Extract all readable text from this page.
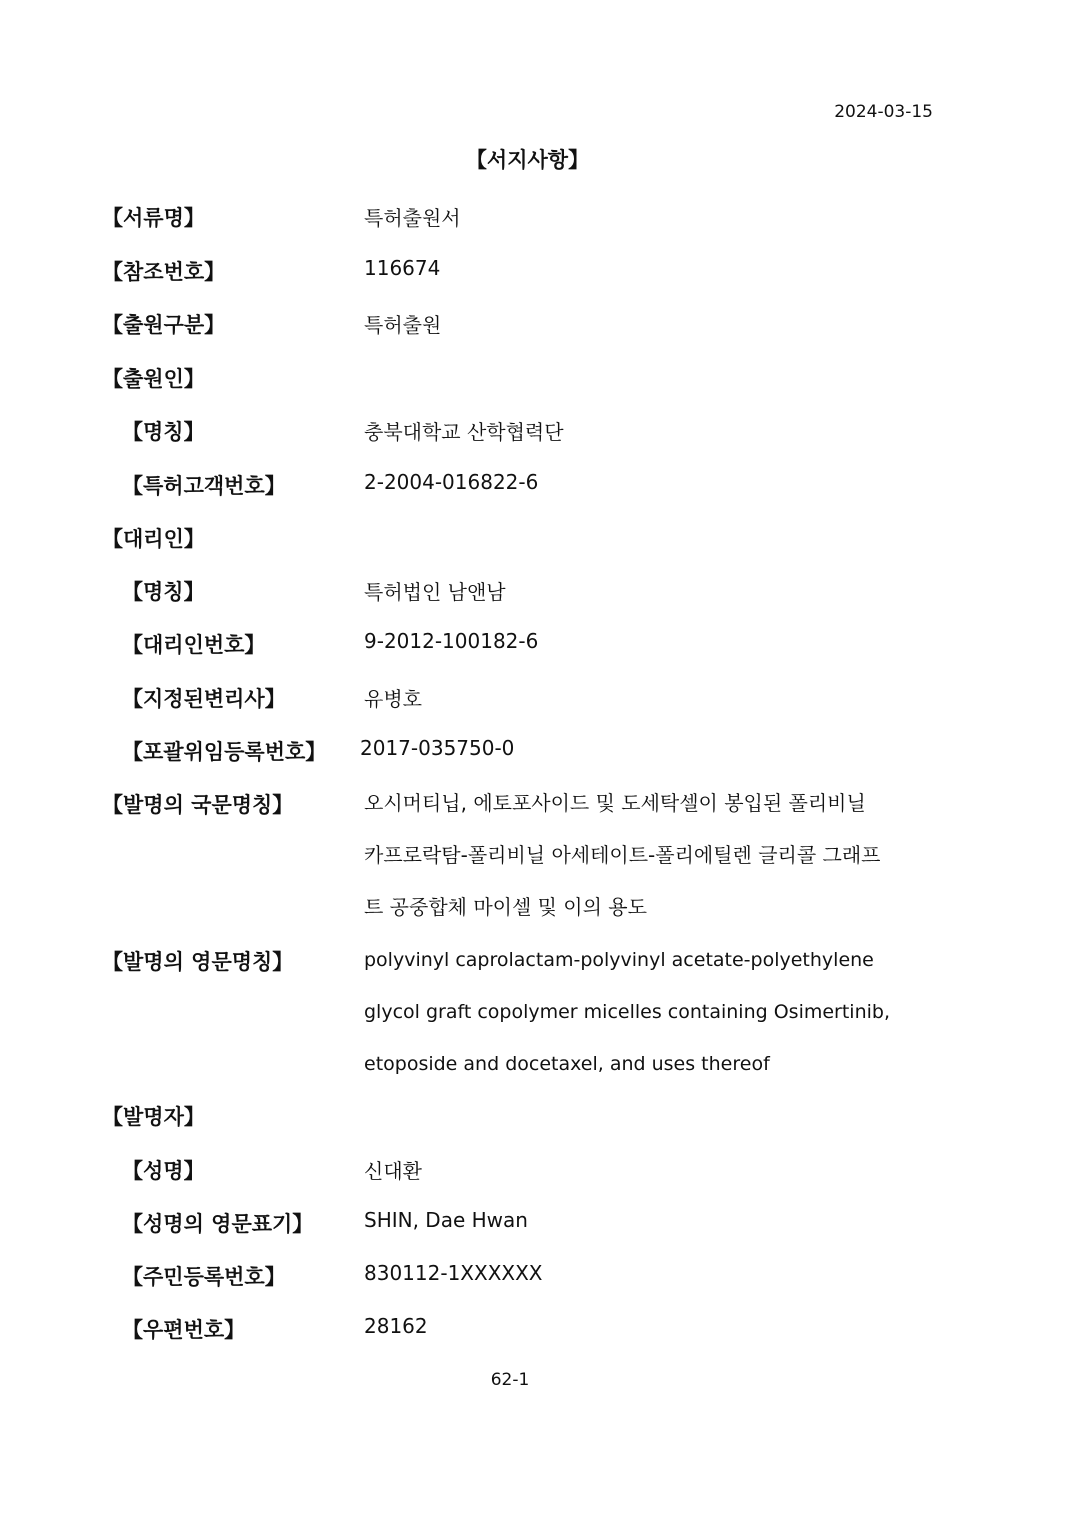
2024-03-15
【서지사항】
【서류명】	특허출원서
【참조번호】	116674
【출원구분】	특허출원
【출원인】
【명칭】	충북대학교 산학협력단
【특허고객번호】	2-2004-016822-6
【대리인】
【명칭】	특허법인 남앤남
【대리인번호】	9-2012-100182-6
【지정된변리사】	유병호
【포괄위임등록번호】 2017-035750-0
【발명의 국문명칭】	오시머티닙, 에토포사이드 및 도세탁셀이 봉입된 폴리비닐
카프로락탐-폴리비닐 아세테이트-폴리에틸렌 글리콜 그래프
트 공중합체 마이셀 및 이의 용도
【발명의 영문명칭】	polyvinyl caprolactam-polyvinyl acetate-polyethylene
glycol graft copolymer micelles containing Osimertinib,
etoposide and docetaxel, and uses thereof
【발명자】
【성명】	신대환
【성명의 영문표기】	SHIN, Dae Hwan
【주민등록번호】	830112-1XXXXXX
【우편번호】	28162
62-1
